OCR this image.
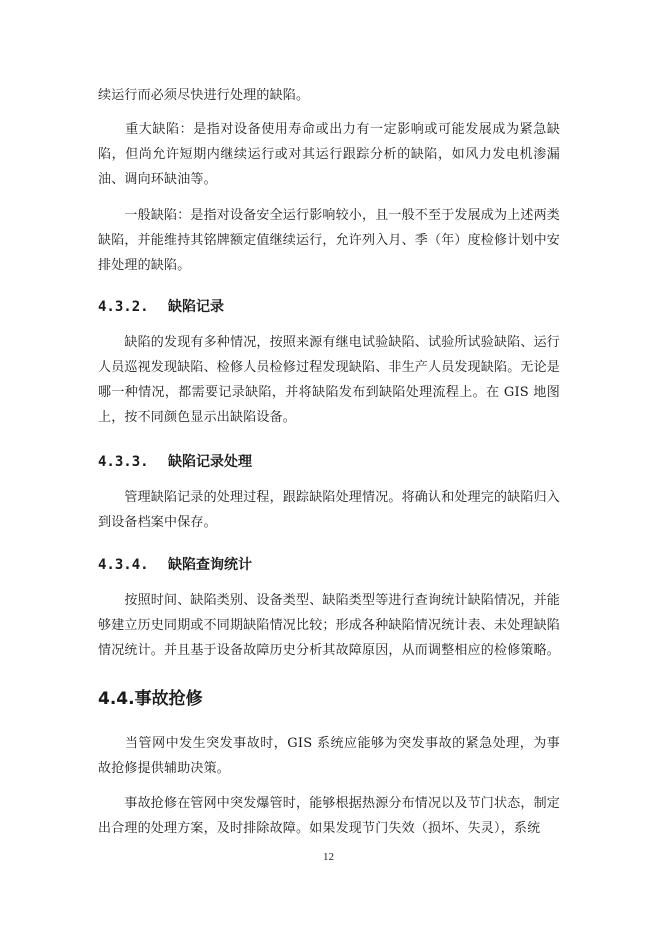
续运行而必须尽快进行处理的缺陷。

　　重大缺陷：是指对设备使用寿命或出力有一定影响或可能发展成为紧急缺陷，但尚允许短期内继续运行或对其运行跟踪分析的缺陷，如风力发电机渗漏油、调向环缺油等。

　　一般缺陷：是指对设备安全运行影响较小，且一般不至于发展成为上述两类缺陷，并能维持其铭牌额定值继续运行，允许列入月、季（年）度检修计划中安排处理的缺陷。

4.3.2. 缺陷记录

　　缺陷的发现有多种情况，按照来源有继电试验缺陷、试验所试验缺陷、运行人员巡视发现缺陷、检修人员检修过程发现缺陷、非生产人员发现缺陷。无论是哪一种情况，都需要记录缺陷，并将缺陷发布到缺陷处理流程上。在 GIS 地图上，按不同颜色显示出缺陷设备。

4.3.3. 缺陷记录处理

　　管理缺陷记录的处理过程，跟踪缺陷处理情况。将确认和处理完的缺陷归入到设备档案中保存。

4.3.4. 缺陷查询统计

　　按照时间、缺陷类别、设备类型、缺陷类型等进行查询统计缺陷情况，并能够建立历史同期或不同期缺陷情况比较；形成各种缺陷情况统计表、未处理缺陷情况统计。并且基于设备故障历史分析其故障原因，从而调整相应的检修策略。

4.4.事故抢修

　　当管网中发生突发事故时，GIS 系统应能够为突发事故的紧急处理，为事故抢修提供辅助决策。

　　事故抢修在管网中突发爆管时，能够根据热源分布情况以及节门状态，制定出合理的处理方案，及时排除故障。如果发现节门失效（损坏、失灵），系统

12
